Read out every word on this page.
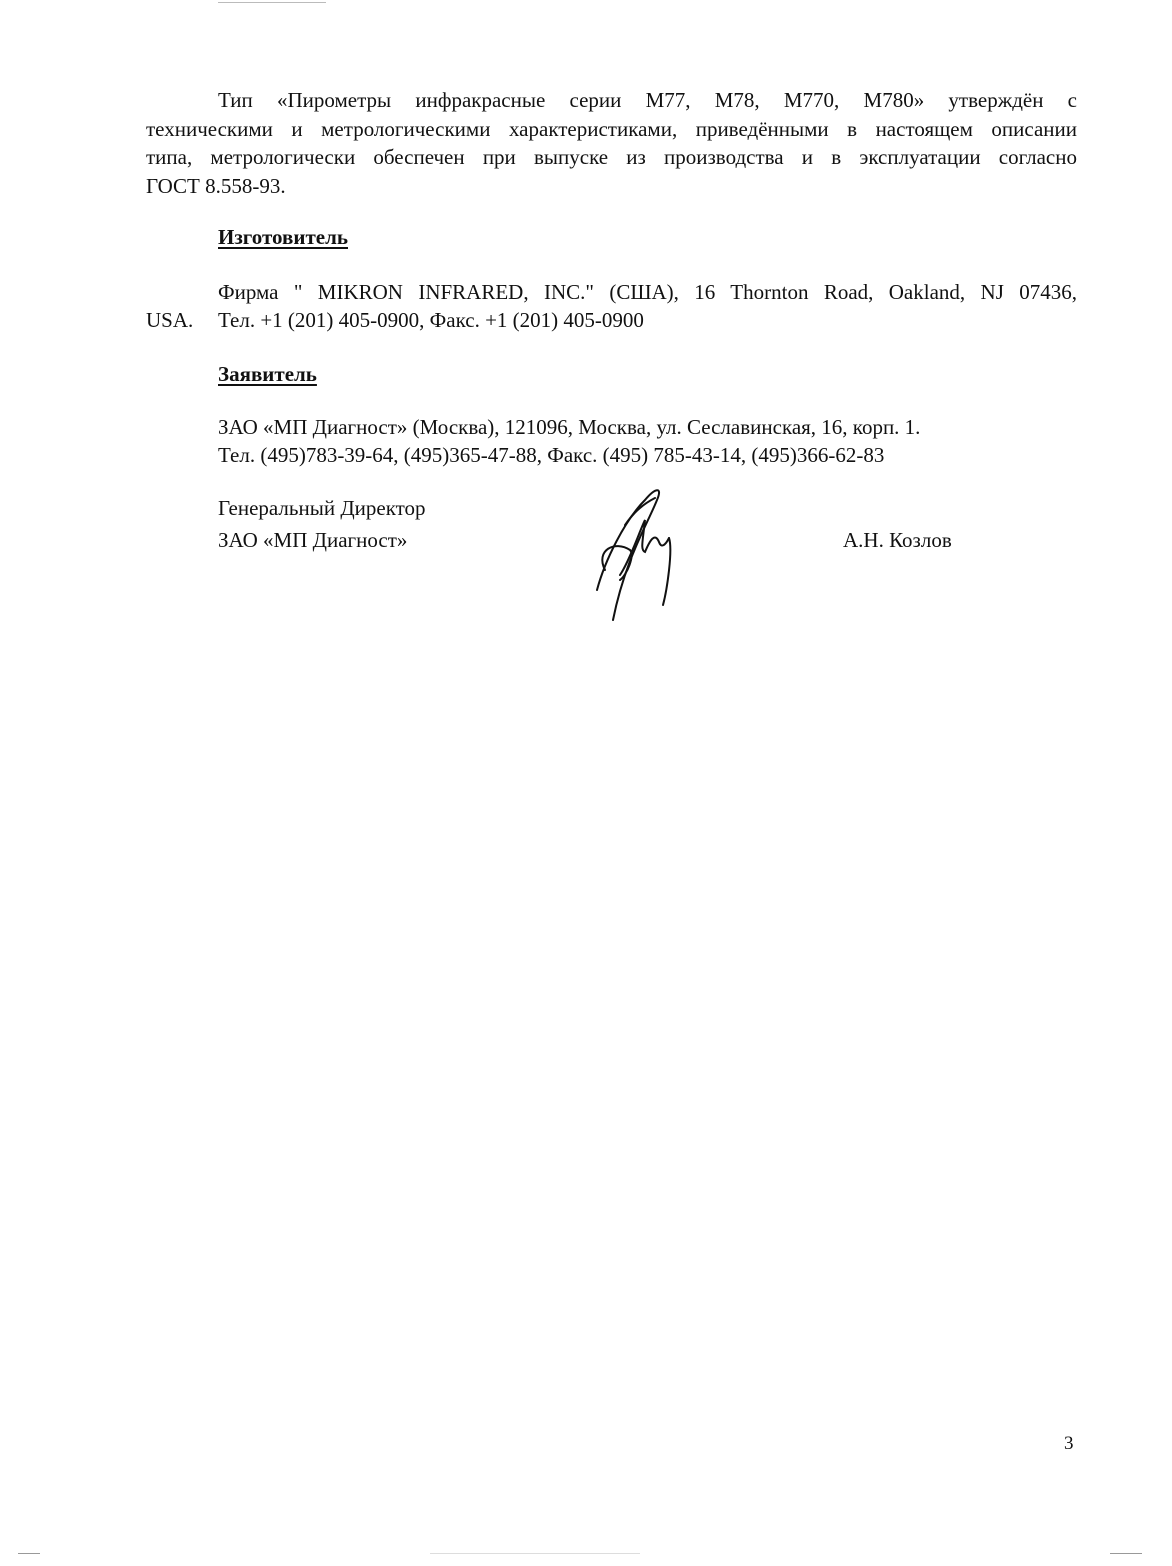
Тип «Пирометры инфракрасные серии М77, М78, М770, М780» утверждён с
техническими и метрологическими характеристиками, приведёнными в настоящем описании
типа, метрологически обеспечен при выпуске из производства и в эксплуатации согласно
ГОСТ 8.558-93.
Изготовитель
Фирма " MIKRON INFRARED, INC." (США), 16 Thornton Road, Oakland, NJ 07436,
USA. Тел. +1 (201) 405-0900, Факс. +1 (201) 405-0900
Заявитель
ЗАО «МП Диагност» (Москва), 121096, Москва, ул. Сеславинская, 16, корп. 1.
Тел. (495)783-39-64, (495)365-47-88, Факс. (495) 785-43-14, (495)366-62-83
Генеральный Директор
ЗАО «МП Диагност»	А.Н. Козлов
3
